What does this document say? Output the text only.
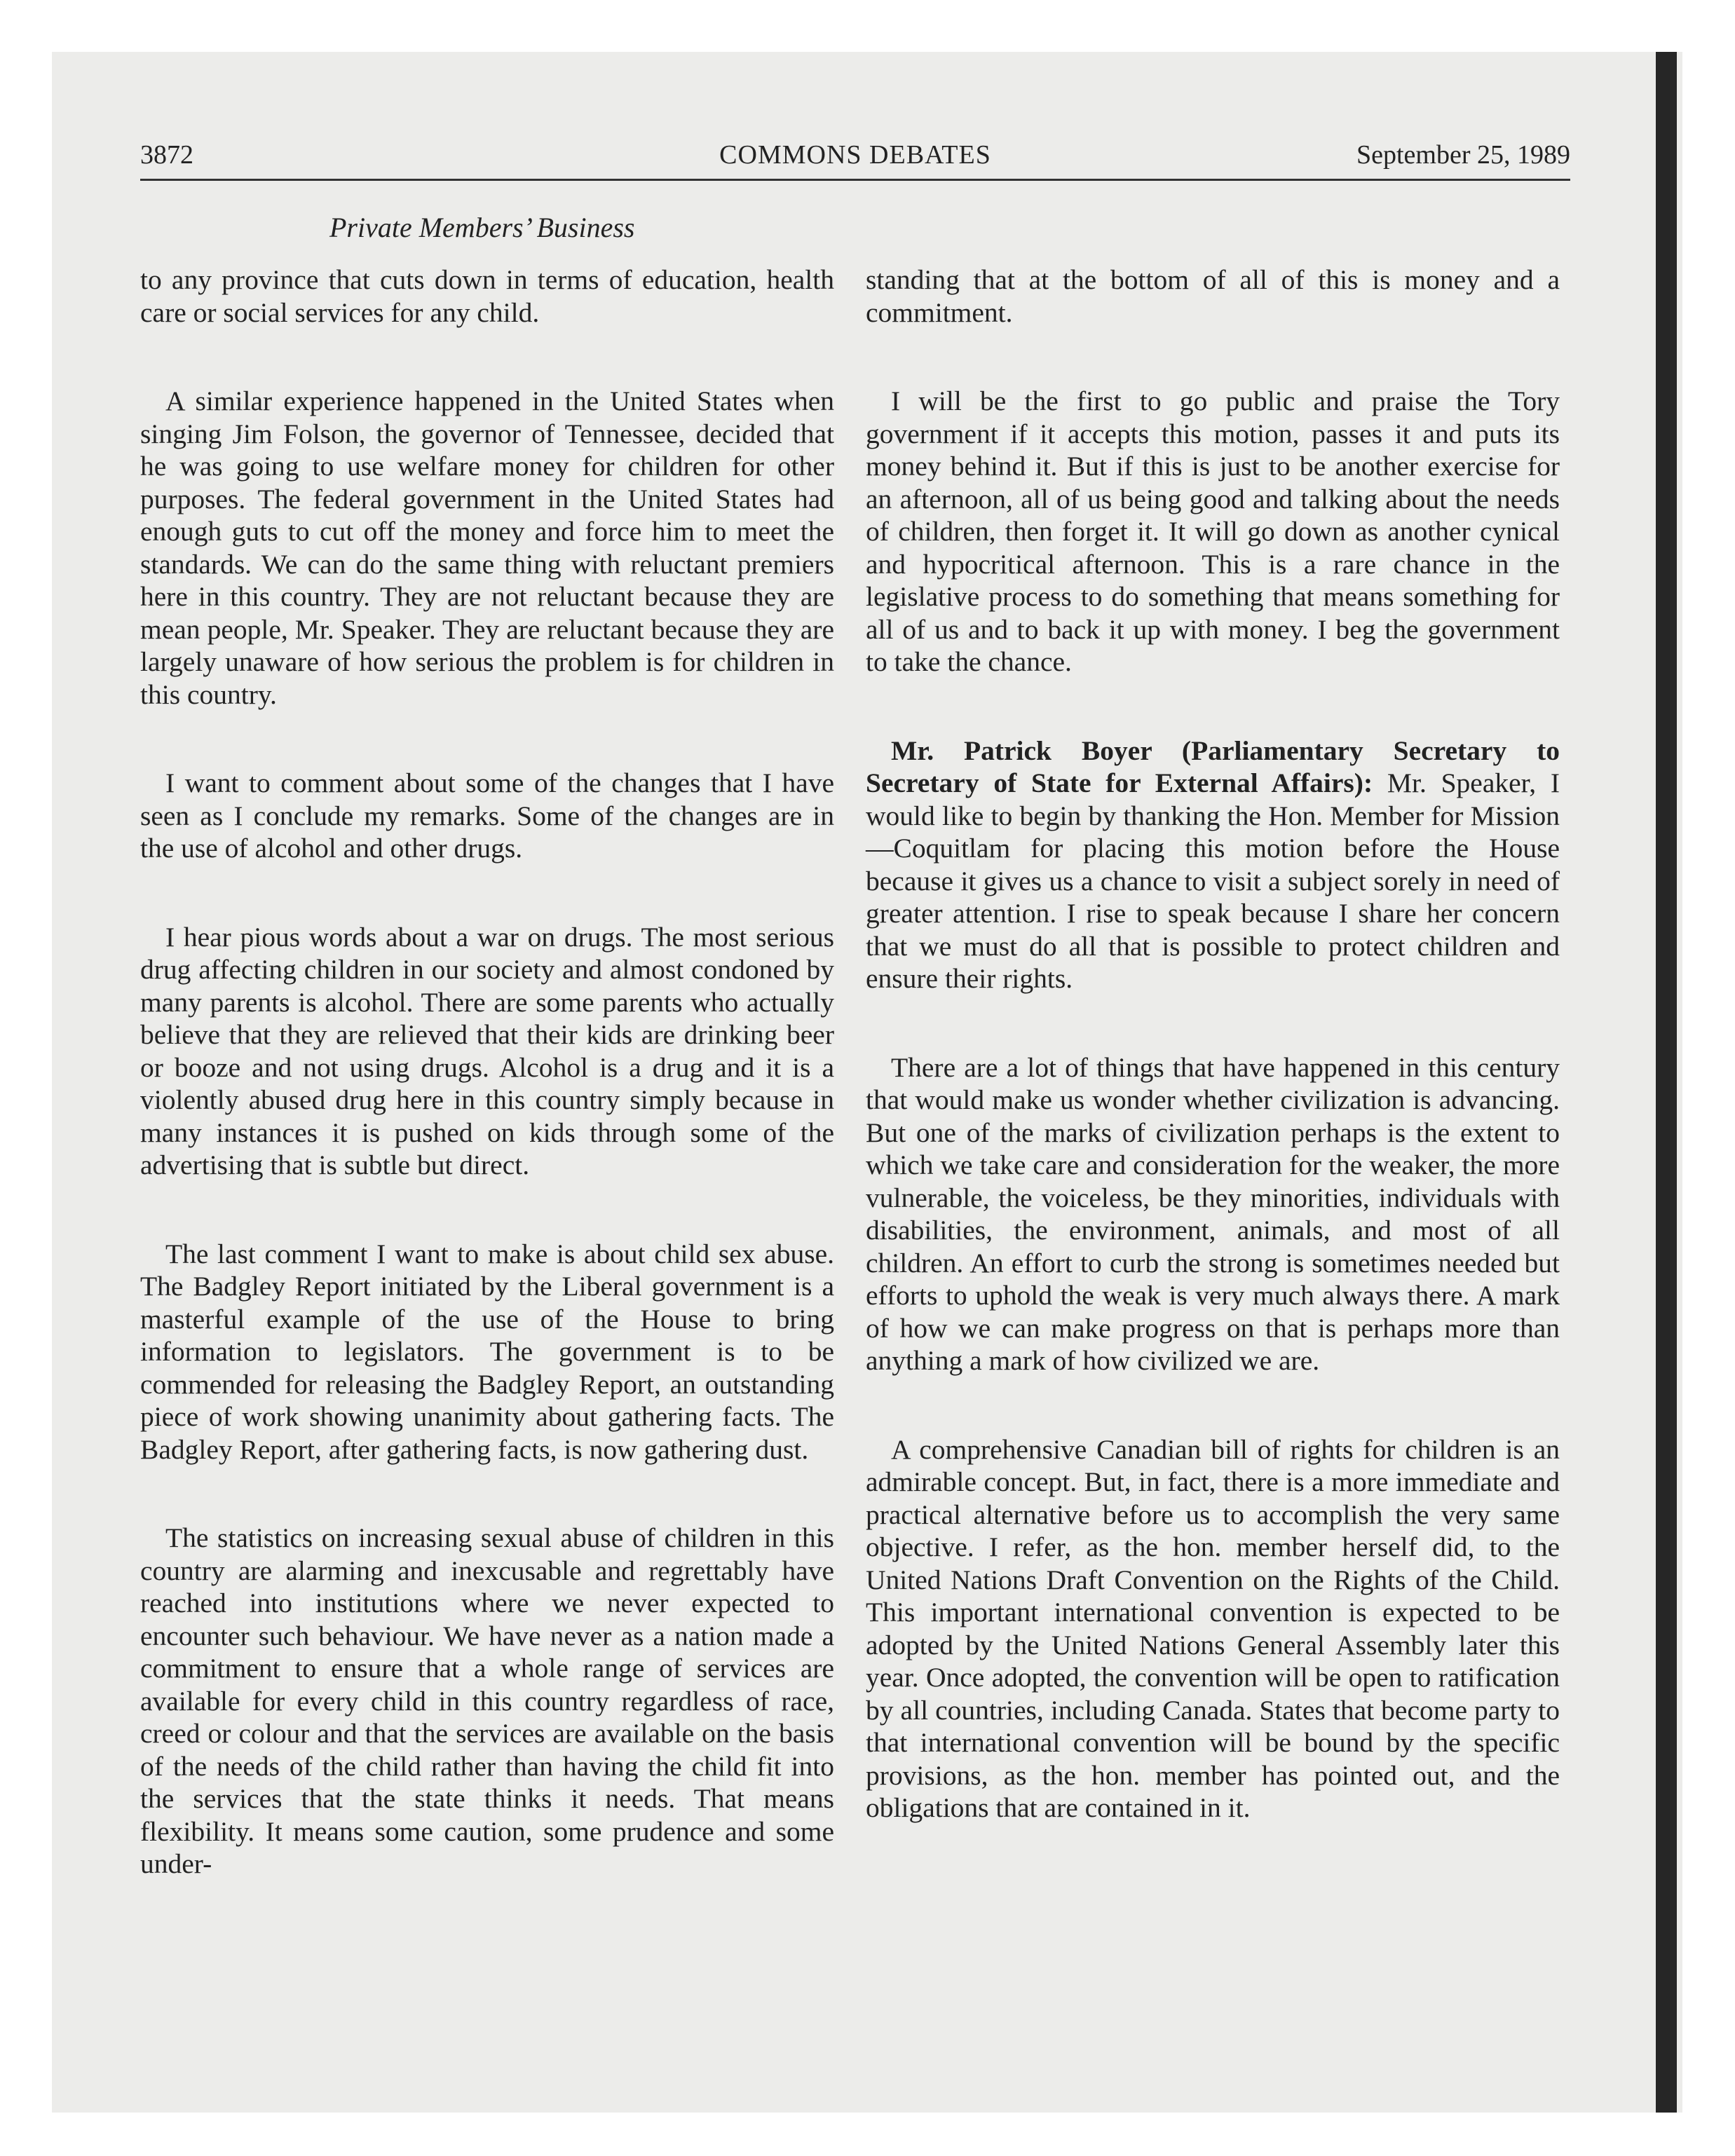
3872	COMMONS DEBATES	September 25, 1989
Private Members’ Business

to any province that cuts down in terms of education, health care or social services for any child.

A similar experience happened in the United States when singing Jim Folson, the governor of Tennessee, decided that he was going to use welfare money for children for other purposes. The federal government in the United States had enough guts to cut off the money and force him to meet the standards. We can do the same thing with reluctant premiers here in this country. They are not reluctant because they are mean people, Mr. Speaker. They are reluctant because they are largely unaware of how serious the problem is for children in this country.

I want to comment about some of the changes that I have seen as I conclude my remarks. Some of the changes are in the use of alcohol and other drugs.

I hear pious words about a war on drugs. The most serious drug affecting children in our society and almost condoned by many parents is alcohol. There are some parents who actually believe that they are relieved that their kids are drinking beer or booze and not using drugs. Alcohol is a drug and it is a violently abused drug here in this country simply because in many instances it is pushed on kids through some of the advertising that is subtle but direct.

The last comment I want to make is about child sex abuse. The Badgley Report initiated by the Liberal government is a masterful example of the use of the House to bring information to legislators. The government is to be commended for releasing the Badgley Report, an outstanding piece of work showing unanimity about gathering facts. The Badgley Report, after gathering facts, is now gathering dust.

The statistics on increasing sexual abuse of children in this country are alarming and inexcusable and regrettably have reached into institutions where we never expected to encounter such behaviour. We have never as a nation made a commitment to ensure that a whole range of services are available for every child in this country regardless of race, creed or colour and that the services are available on the basis of the needs of the child rather than having the child fit into the services that the state thinks it needs. That means flexibility. It means some caution, some prudence and some under-

standing that at the bottom of all of this is money and a commitment.

I will be the first to go public and praise the Tory government if it accepts this motion, passes it and puts its money behind it. But if this is just to be another exercise for an afternoon, all of us being good and talking about the needs of children, then forget it. It will go down as another cynical and hypocritical afternoon. This is a rare chance in the legislative process to do something that means something for all of us and to back it up with money. I beg the government to take the chance.

Mr. Patrick Boyer (Parliamentary Secretary to Secretary of State for External Affairs): Mr. Speaker, I would like to begin by thanking the Hon. Member for Mission—Coquitlam for placing this motion before the House because it gives us a chance to visit a subject sorely in need of greater attention. I rise to speak because I share her concern that we must do all that is possible to protect children and ensure their rights.

There are a lot of things that have happened in this century that would make us wonder whether civilization is advancing. But one of the marks of civilization perhaps is the extent to which we take care and consideration for the weaker, the more vulnerable, the voiceless, be they minorities, individuals with disabilities, the environment, animals, and most of all children. An effort to curb the strong is sometimes needed but efforts to uphold the weak is very much always there. A mark of how we can make progress on that is perhaps more than anything a mark of how civilized we are.

A comprehensive Canadian bill of rights for children is an admirable concept. But, in fact, there is a more immediate and practical alternative before us to accomplish the very same objective. I refer, as the hon. member herself did, to the United Nations Draft Convention on the Rights of the Child. This important international convention is expected to be adopted by the United Nations General Assembly later this year. Once adopted, the convention will be open to ratification by all countries, including Canada. States that become party to that international convention will be bound by the specific provisions, as the hon. member has pointed out, and the obligations that are contained in it.
